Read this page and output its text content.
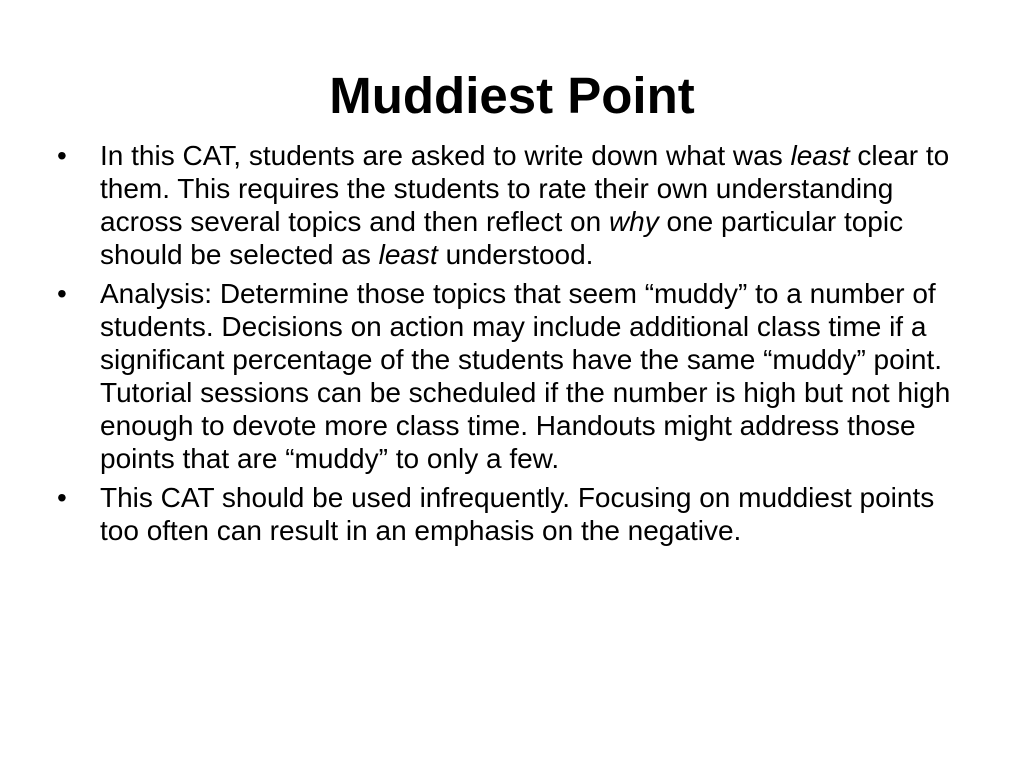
Muddiest Point
• In this CAT, students are asked to write down what was least clear to them. This requires the students to rate their own understanding across several topics and then reflect on why one particular topic should be selected as least understood.
• Analysis: Determine those topics that seem “muddy” to a number of students. Decisions on action may include additional class time if a significant percentage of the students have the same “muddy” point. Tutorial sessions can be scheduled if the number is high but not high enough to devote more class time. Handouts might address those points that are “muddy” to only a few.
• This CAT should be used infrequently. Focusing on muddiest points too often can result in an emphasis on the negative.
